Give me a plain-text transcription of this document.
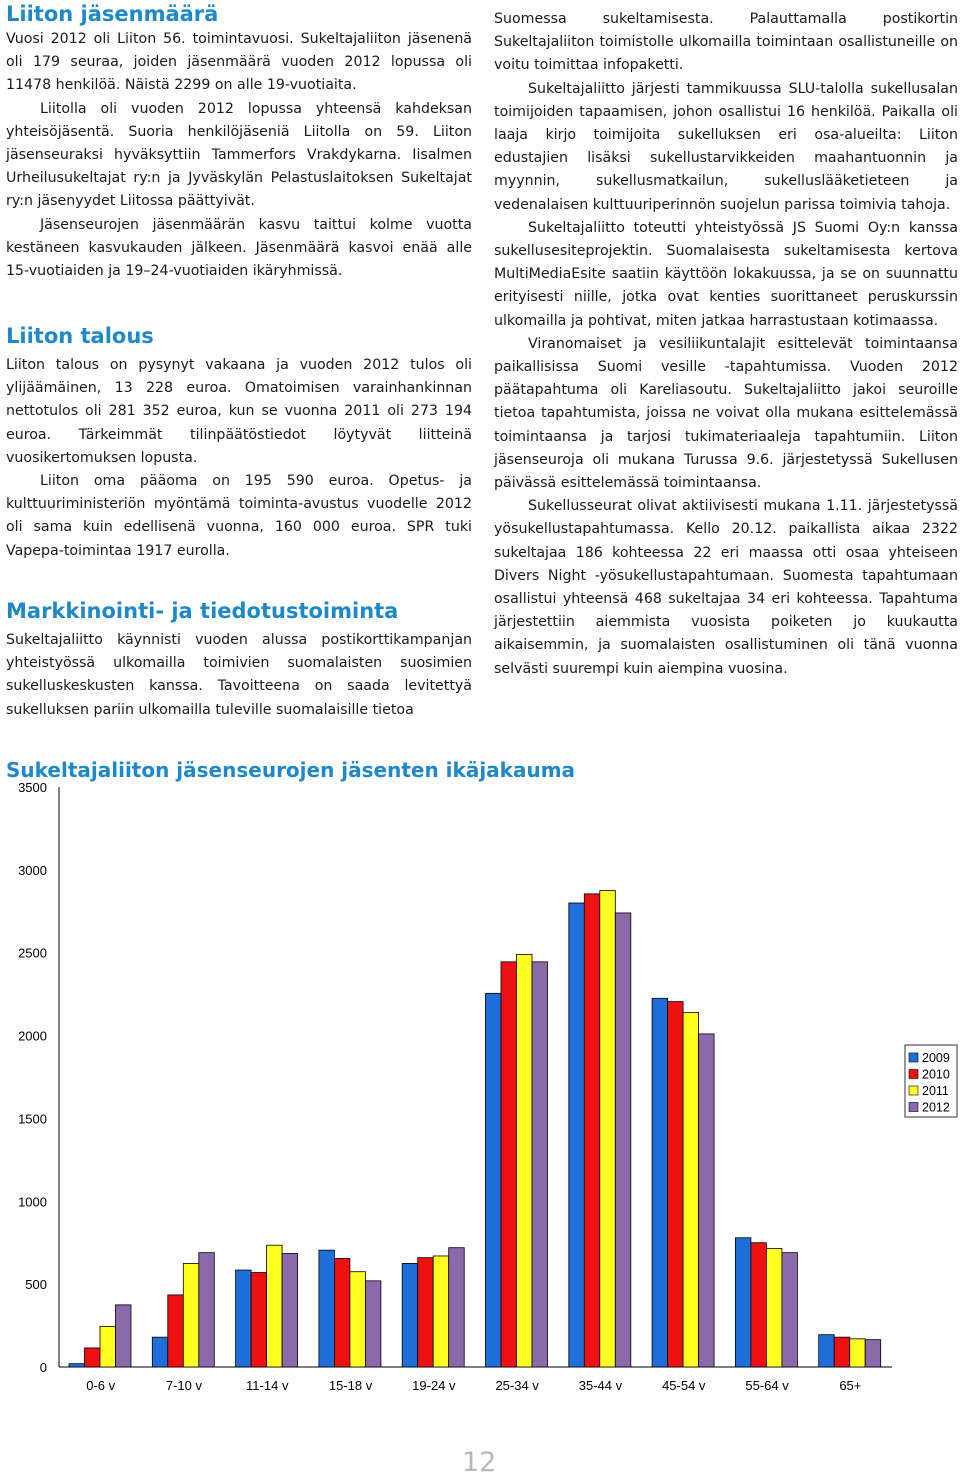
Liiton jäsenmäärä

Vuosi 2012 oli Liiton 56. toimintavuosi. Sukeltajaliiton jäsenenä oli 179 seuraa, joiden jäsenmäärä vuoden 2012 lopussa oli 11478 henkilöä. Näistä 2299 on alle 19-vuotiaita.

Liitolla oli vuoden 2012 lopussa yhteensä kahdeksan yhteisöjäsentä. Suoria henkilöjäseniä Liitolla on 59. Liiton jäsenseuraksi hyväksyttiin Tammerfors Vrakdykarna. Iisalmen Urheilusukeltajat ry:n ja Jyväskylän Pelastuslaitoksen Sukeltajat ry:n jäsenyydet Liitossa päättyivät.

Jäsenseurojen jäsenmäärän kasvu taittui kolme vuotta kestäneen kasvukauden jälkeen. Jäsenmäärä kasvoi enää alle 15-vuotiaiden ja 19–24-vuotiaiden ikäryhmissä.

Liiton talous

Liiton talous on pysynyt vakaana ja vuoden 2012 tulos oli ylijäämäinen, 13 228 euroa. Omatoimisen varainhankinnan nettotulos oli 281 352 euroa, kun se vuonna 2011 oli 273 194 euroa. Tärkeimmät tilinpäätöstiedot löytyvät liitteinä vuosikertomuksen lopusta.

Liiton oma pääoma on 195 590 euroa. Opetus- ja kulttuuriministeriön myöntämä toiminta-avustus vuodelle 2012 oli sama kuin edellisenä vuonna, 160 000 euroa. SPR tuki Vapepa-toimintaa 1917 eurolla.

Markkinointi- ja tiedotustoiminta

Sukeltajaliitto käynnisti vuoden alussa postikorttikampanjan yhteistyössä ulkomailla toimivien suomalaisten suosimien sukelluskeskusten kanssa. Tavoitteena on saada levitettyä sukelluksen pariin ulkomailla tuleville suomalaisille tietoa

Suomessa sukeltamisesta. Palauttamalla postikortin Sukeltajaliiton toimistolle ulkomailla toimintaan osallistuneille on voitu toimittaa infopaketti.

Sukeltajaliitto järjesti tammikuussa SLU-talolla sukellusalan toimijoiden tapaamisen, johon osallistui 16 henkilöä. Paikalla oli laaja kirjo toimijoita sukelluksen eri osa-alueilta: Liiton edustajien lisäksi sukellustarvikkeiden maahantuonnin ja myynnin, sukellusmatkailun, sukelluslääketieteen ja vedenalaisen kulttuuriperinnön suojelun parissa toimivia tahoja.

Sukeltajaliitto toteutti yhteistyössä JS Suomi Oy:n kanssa sukellusesiteprojektin. Suomalaisesta sukeltamisesta kertova MultiMediaEsite saatiin käyttöön lokakuussa, ja se on suunnattu erityisesti niille, jotka ovat kenties suorittaneet peruskurssin ulkomailla ja pohtivat, miten jatkaa harrastustaan kotimaassa.

Viranomaiset ja vesiliikuntalajit esittelevät toimintaansa paikallisissa Suomi vesille -tapahtumissa. Vuoden 2012 päätapahtuma oli Kareliasoutu. Sukeltajaliitto jakoi seuroille tietoa tapahtumista, joissa ne voivat olla mukana esittelemässä toimintaansa ja tarjosi tukimateriaaleja tapahtumiin. Liiton jäsenseuroja oli mukana Turussa 9.6. järjestetyssä Sukellusen päivässä esittelemässä toimintaansa.

Sukellusseurat olivat aktiivisesti mukana 1.11. järjestetyssä yösukellustapahtumassa. Kello 20.12. paikallista aikaa 2322 sukeltajaa 186 kohteessa 22 eri maassa otti osaa yhteiseen Divers Night -yösukellustapahtumaan. Suomesta tapahtumaan osallistui yhteensä 468 sukeltajaa 34 eri kohteessa. Tapahtuma järjestettiin aiemmista vuosista poiketen jo kuukautta aikaisemmin, ja suomalaisten osallistuminen oli tänä vuonna selvästi suurempi kuin aiempina vuosina.

Sukeltajaliiton jäsenseurojen jäsenten ikäjakauma
0
500
1000
1500
2000
2500
3000
3500
0-6 v	7-10 v	11-14 v	15-18 v	19-24 v	25-34 v	35-44 v	45-54 v	55-64 v	65+
2009
2010
2011
2012
12
